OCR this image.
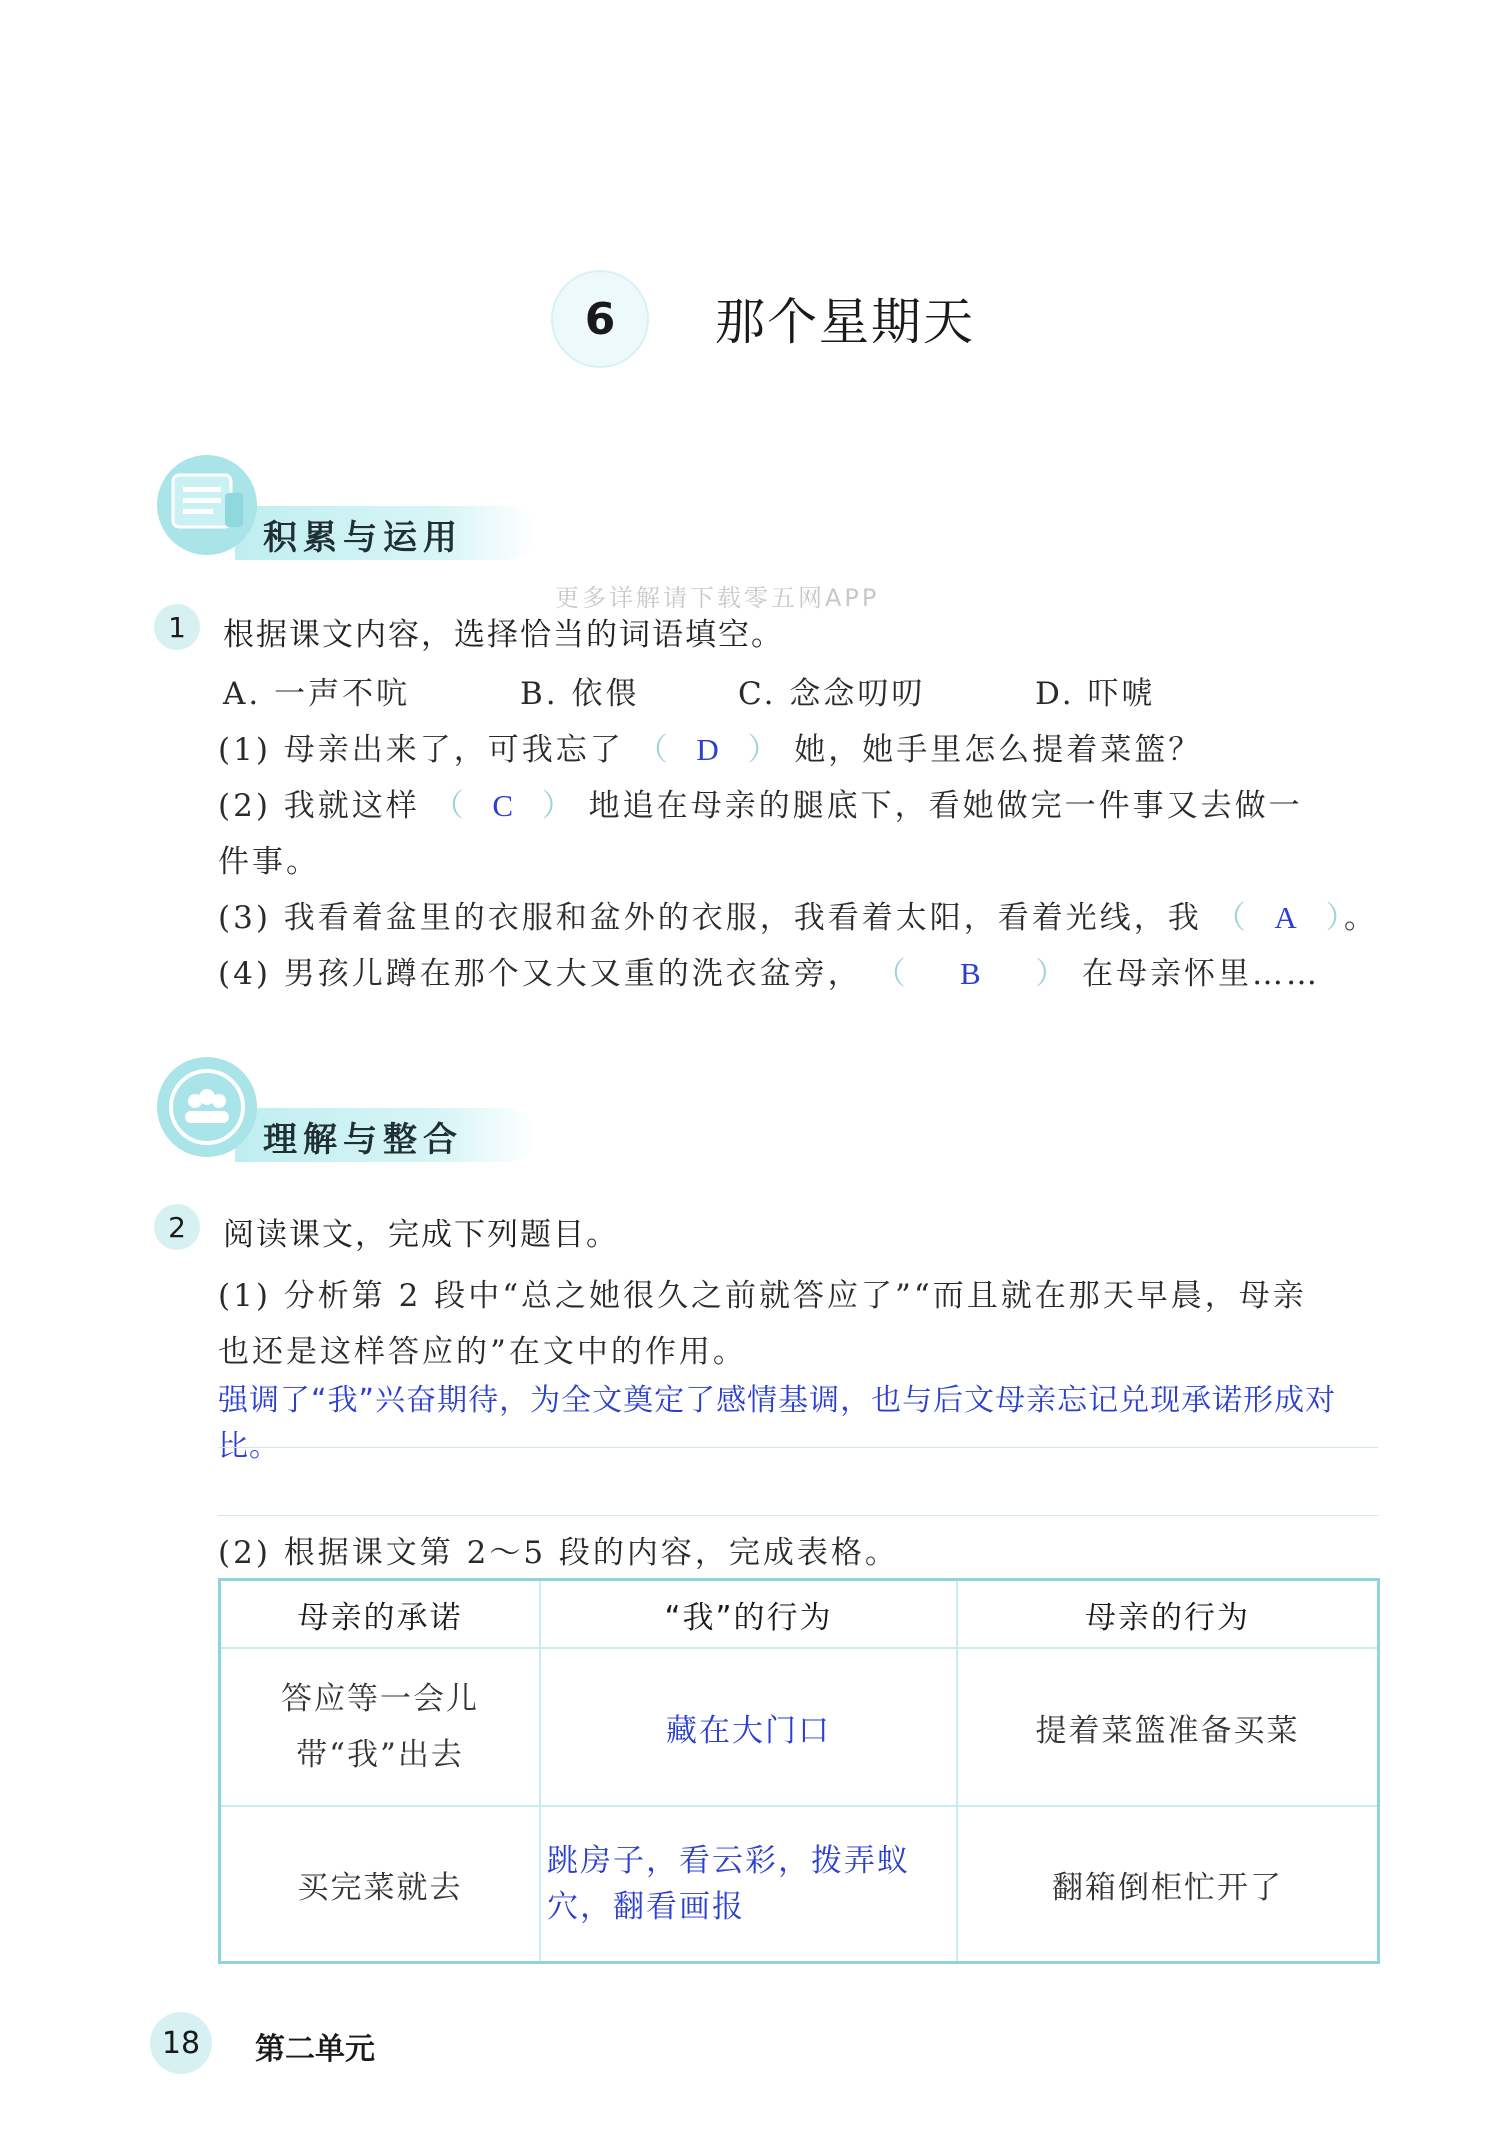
6	那个星期天
积累与运用
更多详解请下载零五网APP
1	根据课文内容，选择恰当的词语填空。
A. 一声不吭	B. 依偎	C. 念念叨叨	D. 吓唬
(1) 母亲出来了，可我忘了 （ D ） 她，她手里怎么提着菜篮？
(2) 我就这样 （ C ） 地追在母亲的腿底下，看她做完一件事又去做一
件事。
(3) 我看着盆里的衣服和盆外的衣服，我看着太阳，看着光线，我 （ A ）。
(4) 男孩儿蹲在那个又大又重的洗衣盆旁， （ B ） 在母亲怀里……
理解与整合
2	阅读课文，完成下列题目。
(1) 分析第 2 段中“总之她很久之前就答应了”“而且就在那天早晨，母亲
也还是这样答应的”在文中的作用。
强调了“我”兴奋期待，为全文奠定了感情基调，也与后文母亲忘记兑现承诺形成对比。
(2) 根据课文第 2～5 段的内容，完成表格。
母亲的承诺	“我”的行为	母亲的行为
答应等一会儿带“我”出去	藏在大门口	提着菜篮准备买菜
买完菜就去	跳房子，看云彩，拨弄蚁穴，翻看画报	翻箱倒柜忙开了
18	第二单元
